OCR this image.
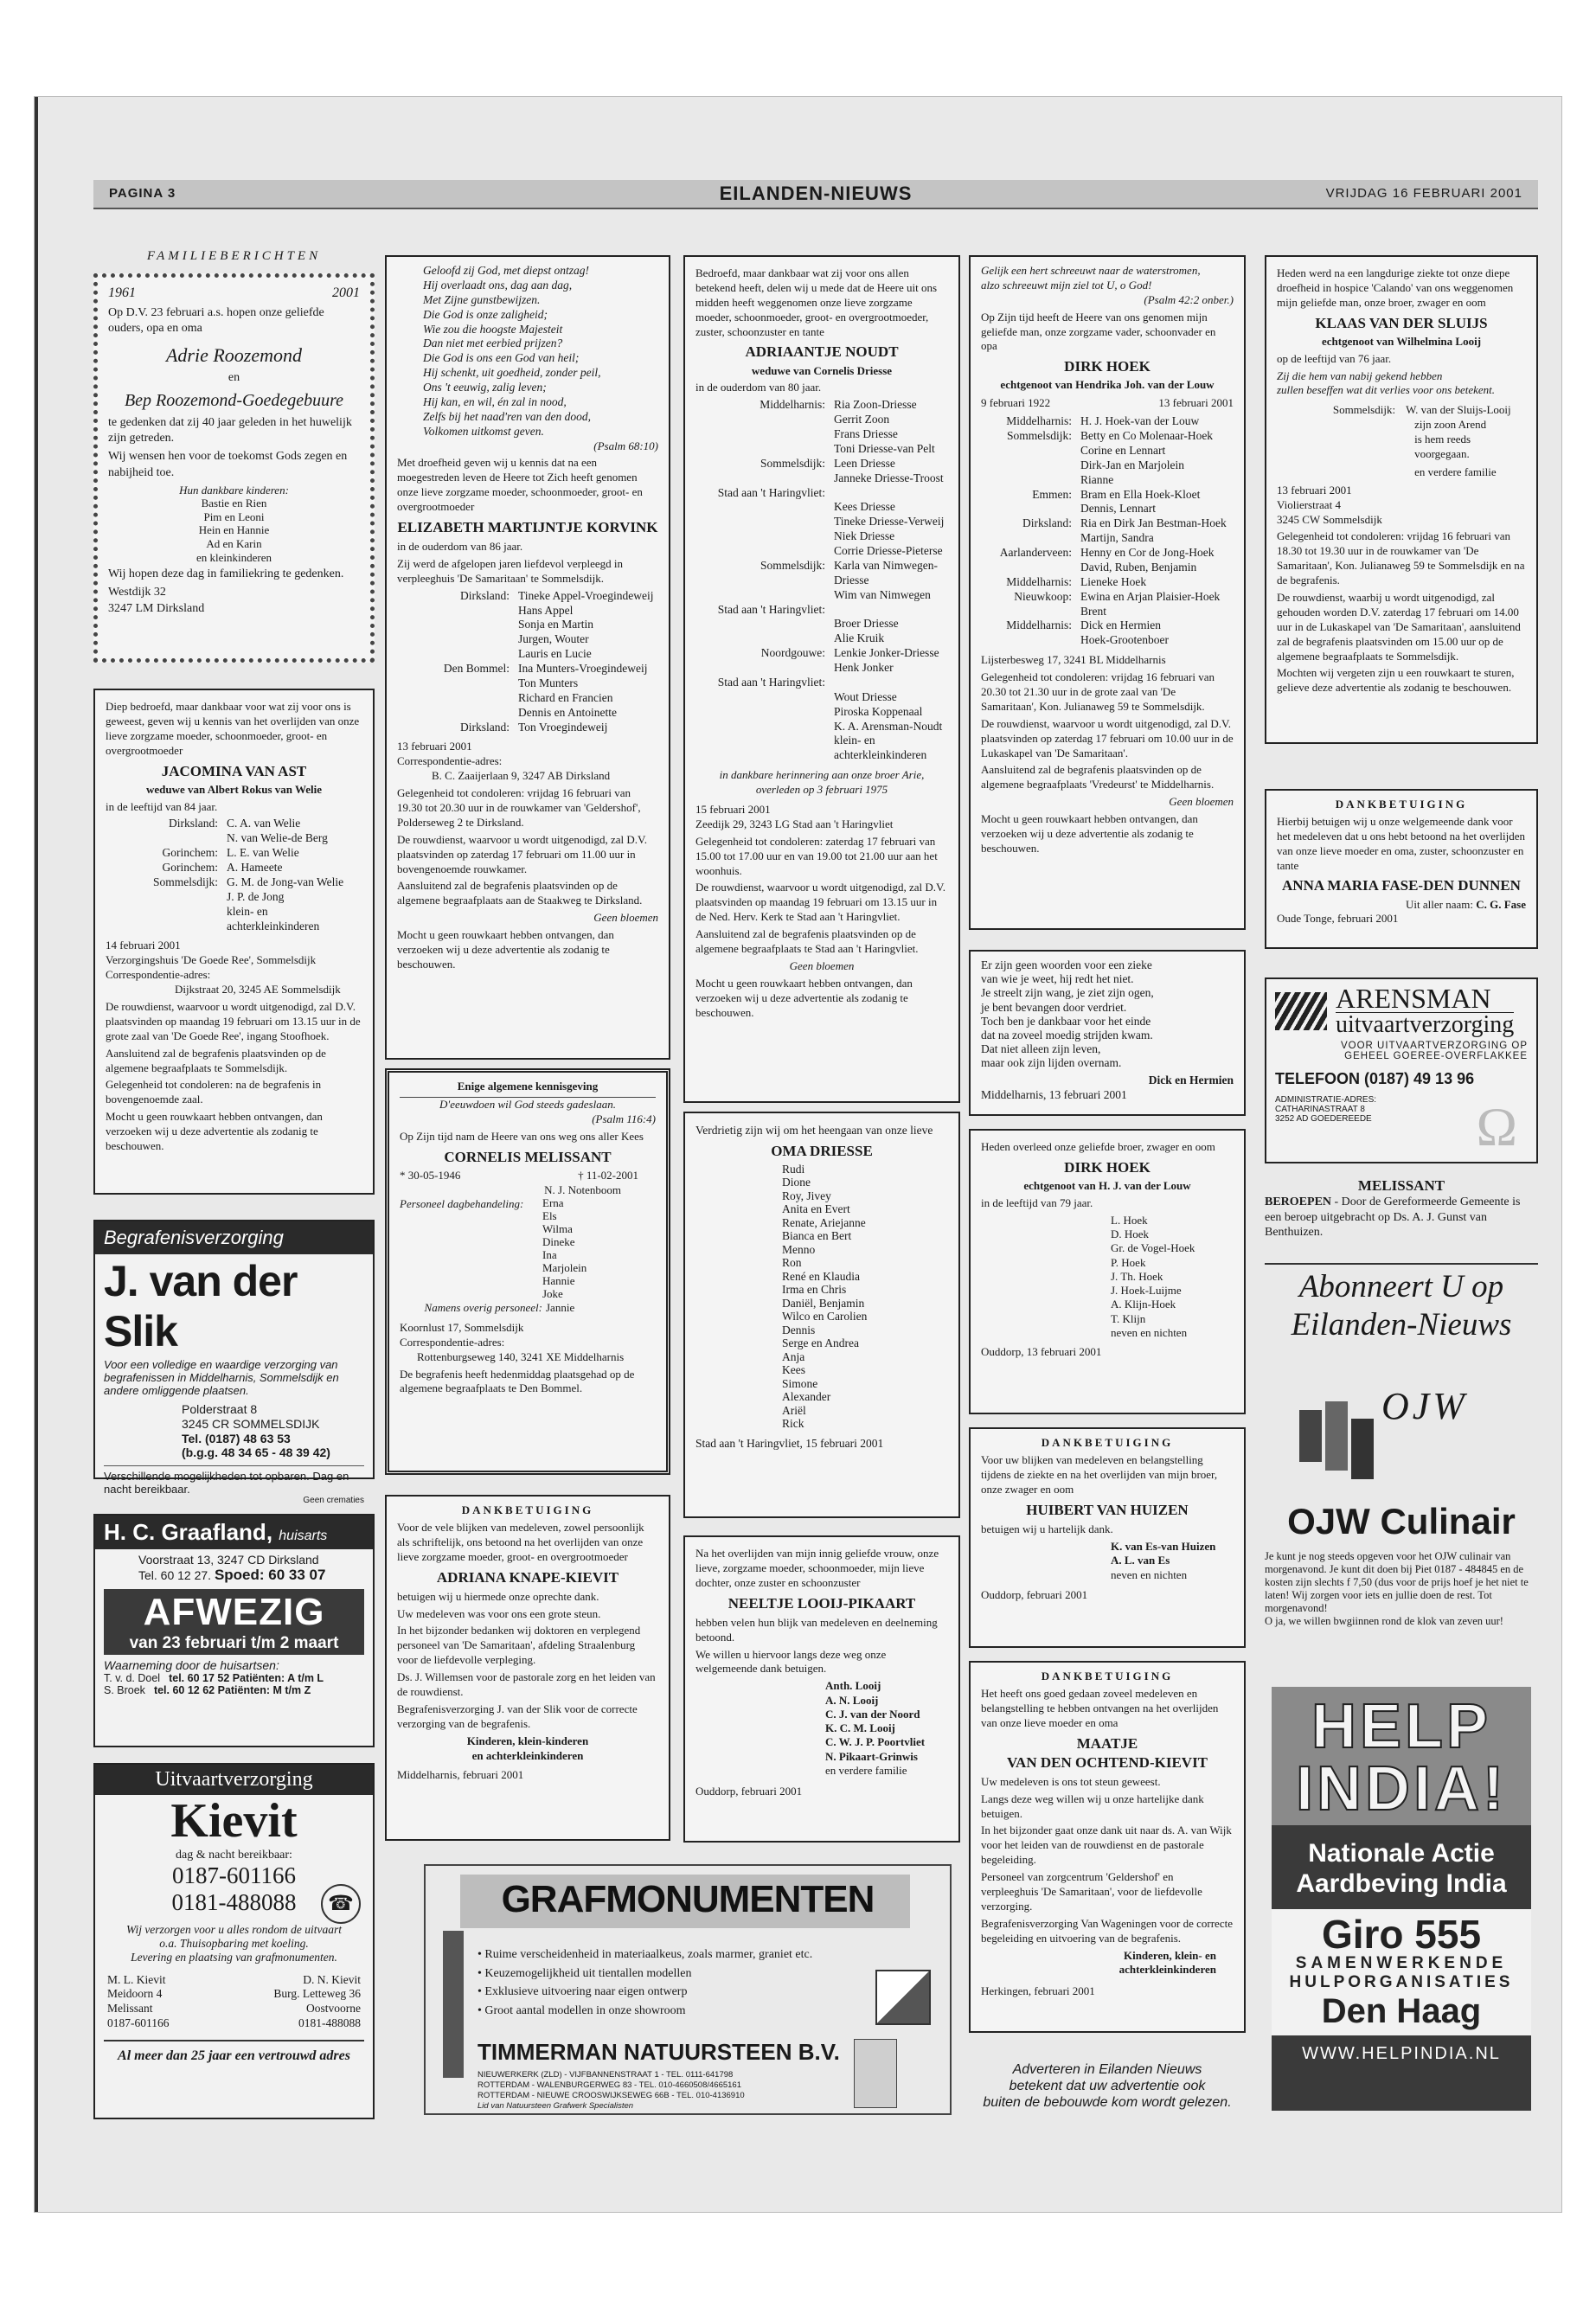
PAGINA 3	EILANDEN-NIEUWS	VRIJDAG 16 FEBRUARI 2001
FAMILIEBERICHTEN
1961	2001

Op D.V. 23 februari a.s. hopen onze geliefde ouders, opa en oma

Adrie Roozemond
en
Bep Roozemond-Goedegebuure

te gedenken dat zij 40 jaar geleden in het huwelijk zijn getreden.

Wij wensen hen voor de toekomst Gods zegen en nabijheid toe.

Hun dankbare kinderen:
Bastie en Rien
Pim en Leoni
Hein en Hannie
Ad en Karin
en kleinkinderen

Wij hopen deze dag in familiekring te gedenken.

Westdijk 32
3247 LM Dirksland

Diep bedroefd, maar dankbaar voor wat zij voor ons is geweest, geven wij u kennis van het overlijden van onze lieve zorgzame moeder, schoonmoeder, groot- en overgrootmoeder

JACOMINA VAN AST
weduwe van Albert Rokus van Welie

in de leeftijd van 84 jaar.

Dirksland: C. A. van Welie
N. van Welie-de Berg
Gorinchem: L. E. van Welie
Gorinchem: A. Hameete
Sommelsdijk: G. M. de Jong-van Welie
J. P. de Jong
klein- en achterkleinkinderen
14 februari 2001
Verzorgingshuis 'De Goede Ree', Sommelsdijk
Correspondentie-adres:
Dijkstraat 20, 3245 AE Sommelsdijk

De rouwdienst, waarvoor u wordt uitgenodigd, zal D.V. plaatsvinden op maandag 19 februari om 13.15 uur in de grote zaal van 'De Goede Ree', ingang Stoofhoek.

Aansluitend zal de begrafenis plaatsvinden op de algemene begraafplaats te Sommelsdijk.

Gelegenheid tot condoleren: na de begrafenis in bovengenoemde zaal.

Mocht u geen rouwkaart hebben ontvangen, dan verzoeken wij u deze advertentie als zodanig te beschouwen.

Begrafenisverzorging
J. van der Slik
Voor een volledige en waardige verzorging van begrafenissen in Middelharnis, Sommelsdijk en andere omliggende plaatsen.
Polderstraat 8
3245 CR SOMMELSDIJK
Tel. (0187) 48 63 53
(b.g.g. 48 34 65 - 48 39 42)
Verschillende mogelijkheden tot opbaren. Dag en nacht bereikbaar.
Geen crematies
H. C. Graafland, huisarts
Voorstraat 13, 3247 CD Dirksland
Tel. 60 12 27. Spoed: 60 33 07
AFWEZIG
van 23 februari t/m 2 maart
Waarneming door de huisartsen:
T. v. d. Doel tel. 60 17 52 Patiënten: A t/m L
S. Broek tel. 60 12 62 Patiënten: M t/m Z
Uitvaartverzorging
Kievit
dag & nacht bereikbaar:
0187-601166
0181-488088	☎
Wij verzorgen voor u alles rondom de uitvaart
o.a. Thuisopbaring met koeling.
Levering en plaatsing van grafmonumenten.
M. L. Kievit
Meidoorn 4
Melissant
0187-601166
D. N. Kievit
Burg. Letteweg 36
Oostvoorne
0181-488088
Al meer dan 25 jaar een vertrouwd adres
Geloofd zij God, met diepst ontzag!
Hij overlaadt ons, dag aan dag,
Met Zijne gunstbewijzen.
Die God is onze zaligheid;
Wie zou die hoogste Majesteit
Dan niet met eerbied prijzen?
Die God is ons een God van heil;
Hij schenkt, uit goedheid, zonder peil,
Ons 't eeuwig, zalig leven;
Hij kan, en wil, én zal in nood,
Zelfs bij het naad'ren van den dood,
Volkomen uitkomst geven.
(Psalm 68:10)

Met droefheid geven wij u kennis dat na een moegestreden leven de Heere tot Zich heeft genomen onze lieve zorgzame moeder, schoonmoeder, groot- en overgrootmoeder

ELIZABETH MARTIJNTJE KORVINK

in de ouderdom van 86 jaar.

Zij werd de afgelopen jaren liefdevol verpleegd in verpleeghuis 'De Samaritaan' te Sommelsdijk.

Dirksland: Tineke Appel-Vroegindeweij
Hans Appel
Sonja en Martin
Jurgen, Wouter
Lauris en Lucie
Den Bommel: Ina Munters-Vroegindeweij
Ton Munters
Richard en Francien
Dennis en Antoinette
Dirksland: Ton Vroegindeweij
13 februari 2001
Correspondentie-adres:
B. C. Zaaijerlaan 9, 3247 AB Dirksland

Gelegenheid tot condoleren: vrijdag 16 februari van 19.30 tot 20.30 uur in de rouwkamer van 'Geldershof', Polderseweg 2 te Dirksland.

De rouwdienst, waarvoor u wordt uitgenodigd, zal D.V. plaatsvinden op zaterdag 17 februari om 11.00 uur in bovengenoemde rouwkamer.

Aansluitend zal de begrafenis plaatsvinden op de algemene begraafplaats aan de Staakweg te Dirksland.

Geen bloemen

Mocht u geen rouwkaart hebben ontvangen, dan verzoeken wij u deze advertentie als zodanig te beschouwen.

Enige algemene kennisgeving
D'eeuwdoen wil God steeds gadeslaan.
(Psalm 116:4)

Op Zijn tijd nam de Heere van ons weg ons aller Kees

CORNELIS MELISSANT
* 30-05-1946	† 11-02-2001
N. J. Notenboom
Personeel dagbehandeling:	Erna
Els
Wilma
Dineke
Ina
Marjolein
Hannie
Joke
Namens overig personeel: Jannie
Koornlust 17, Sommelsdijk
Correspondentie-adres:
Rottenburgseweg 140, 3241 XE Middelharnis

De begrafenis heeft hedenmiddag plaatsgehad op de algemene begraafplaats te Den Bommel.

DANKBETUIGING

Voor de vele blijken van medeleven, zowel persoonlijk als schriftelijk, ons betoond na het overlijden van onze lieve zorgzame moeder, groot- en overgrootmoeder

ADRIANA KNAPE-KIEVIT

betuigen wij u hiermede onze oprechte dank.

Uw medeleven was voor ons een grote steun.

In het bijzonder bedanken wij doktoren en verplegend personeel van 'De Samaritaan', afdeling Straalenburg voor de liefdevolle verpleging.

Ds. J. Willemsen voor de pastorale zorg en het leiden van de rouwdienst.

Begrafenisverzorging J. van der Slik voor de correcte verzorging van de begrafenis.

Kinderen, klein-kinderen
en achterkleinkinderen
Middelharnis, februari 2001

Bedroefd, maar dankbaar wat zij voor ons allen betekend heeft, delen wij u mede dat de Heere uit ons midden heeft weggenomen onze lieve zorgzame moeder, schoonmoeder, groot- en overgrootmoeder, zuster, schoonzuster en tante

ADRIAANTJE NOUDT
weduwe van Cornelis Driesse

in de ouderdom van 80 jaar.

Middelharnis: Ria Zoon-Driesse
Gerrit Zoon
Frans Driesse
Toni Driesse-van Pelt
Sommelsdijk: Leen Driesse
Janneke Driesse-Troost
Stad aan 't Haringvliet:
Kees Driesse
Tineke Driesse-Verweij
Niek Driesse
Corrie Driesse-Pieterse
Sommelsdijk: Karla van Nimwegen-Driesse
Wim van Nimwegen
Stad aan 't Haringvliet:
Broer Driesse
Alie Kruik
Noordgouwe: Lenkie Jonker-Driesse
Henk Jonker
Stad aan 't Haringvliet:
Wout Driesse
Piroska Koppenaal
K. A. Arensman-Noudt
klein- en achterkleinkinderen
in dankbare herinnering aan onze broer Arie,
overleden op 3 februari 1975
15 februari 2001
Zeedijk 29, 3243 LG Stad aan 't Haringvliet

Gelegenheid tot condoleren: zaterdag 17 februari van 15.00 tot 17.00 uur en van 19.00 tot 21.00 uur aan het woonhuis.

De rouwdienst, waarvoor u wordt uitgenodigd, zal D.V. plaatsvinden op maandag 19 februari om 13.15 uur in de Ned. Herv. Kerk te Stad aan 't Haringvliet.

Aansluitend zal de begrafenis plaatsvinden op de algemene begraafplaats te Stad aan 't Haringvliet.

Geen bloemen

Mocht u geen rouwkaart hebben ontvangen, dan verzoeken wij u deze advertentie als zodanig te beschouwen.

Verdrietig zijn wij om het heengaan van onze lieve

OMA DRIESSE
Rudi
Dione
Roy, Jivey
Anita en Evert
Renate, Ariejanne
Bianca en Bert
Menno
Ron
René en Klaudia
Irma en Chris
Daniël, Benjamin
Wilco en Carolien
Dennis
Serge en Andrea
Anja
Kees
Simone
Alexander
Ariël
Rick
Stad aan 't Haringvliet, 15 februari 2001

Na het overlijden van mijn innig geliefde vrouw, onze lieve, zorgzame moeder, schoonmoeder, mijn lieve dochter, onze zuster en schoonzuster

NEELTJE LOOIJ-PIKAART

hebben velen hun blijk van medeleven en deelneming betoond.

We willen u hiervoor langs deze weg onze welgemeende dank betuigen.

Anth. Looij
A. N. Looij
C. J. van der Noord
K. C. M. Looij
C. W. J. P. Poortvliet
N. Pikaart-Grinwis
en verdere familie
Ouddorp, februari 2001
Gelijk een hert schreeuwt naar de waterstromen,
alzo schreeuwt mijn ziel tot U, o God!
(Psalm 42:2 onber.)

Op Zijn tijd heeft de Heere van ons genomen mijn geliefde man, onze zorgzame vader, schoonvader en opa

DIRK HOEK
echtgenoot van Hendrika Joh. van der Louw
9 februari 1922	13 februari 2001
Middelharnis: H. J. Hoek-van der Louw
Sommelsdijk: Betty en Co Molenaar-Hoek
Corine en Lennart
Dirk-Jan en Marjolein
Rianne
Emmen: Bram en Ella Hoek-Kloet
Dennis, Lennart
Dirksland: Ria en Dirk Jan Bestman-Hoek
Martijn, Sandra
Aarlanderveen: Henny en Cor de Jong-Hoek
David, Ruben, Benjamin
Middelharnis: Lieneke Hoek
Nieuwkoop: Ewina en Arjan Plaisier-Hoek
Brent
Middelharnis: Dick en Hermien
Hoek-Grootenboer
Lijsterbesweg 17, 3241 BL Middelharnis

Gelegenheid tot condoleren: vrijdag 16 februari van 20.30 tot 21.30 uur in de grote zaal van 'De Samaritaan', Kon. Julianaweg 59 te Sommelsdijk.

De rouwdienst, waarvoor u wordt uitgenodigd, zal D.V. plaatsvinden op zaterdag 17 februari om 10.00 uur in de Lukaskapel van 'De Samaritaan'.

Aansluitend zal de begrafenis plaatsvinden op de algemene begraafplaats 'Vredeurst' te Middelharnis.

Geen bloemen

Mocht u geen rouwkaart hebben ontvangen, dan verzoeken wij u deze advertentie als zodanig te beschouwen.

Er zijn geen woorden voor een zieke
van wie je weet, hij redt het niet.
Je streelt zijn wang, je ziet zijn ogen,
je bent bevangen door verdriet.
Toch ben je dankbaar voor het einde
dat na zoveel moedig strijden kwam.
Dat niet alleen zijn leven,
maar ook zijn lijden overnam.
Dick en Hermien
Middelharnis, 13 februari 2001

Heden overleed onze geliefde broer, zwager en oom

DIRK HOEK
echtgenoot van H. J. van der Louw

in de leeftijd van 79 jaar.

L. Hoek
D. Hoek
Gr. de Vogel-Hoek
P. Hoek
J. Th. Hoek
J. Hoek-Luijme
A. Klijn-Hoek
T. Klijn
neven en nichten
Ouddorp, 13 februari 2001
DANKBETUIGING

Voor uw blijken van medeleven en belangstelling tijdens de ziekte en na het overlijden van mijn broer, onze zwager en oom

HUIBERT VAN HUIZEN

betuigen wij u hartelijk dank.

K. van Es-van Huizen
A. L. van Es
neven en nichten
Ouddorp, februari 2001
DANKBETUIGING

Het heeft ons goed gedaan zoveel medeleven en belangstelling te hebben ontvangen na het overlijden van onze lieve moeder en oma

MAATJE
VAN DEN OCHTEND-KIEVIT

Uw medeleven is ons tot steun geweest.

Langs deze weg willen wij u onze hartelijke dank betuigen.

In het bijzonder gaat onze dank uit naar ds. A. van Wijk voor het leiden van de rouwdienst en de pastorale begeleiding.

Personeel van zorgcentrum 'Geldershof' en verpleeghuis 'De Samaritaan', voor de liefdevolle verzorging.

Begrafenisverzorging Van Wageningen voor de correcte begeleiding en uitvoering van de begrafenis.

Kinderen, klein- en
achterkleinkinderen
Herkingen, februari 2001
Adverteren in Eilanden Nieuws
betekent dat uw advertentie ook
buiten de bebouwde kom wordt gelezen.

Heden werd na een langdurige ziekte tot onze diepe droefheid in hospice 'Calando' van ons weggenomen mijn geliefde man, onze broer, zwager en oom

KLAAS VAN DER SLUIJS
echtgenoot van Wilhelmina Looij

op de leeftijd van 76 jaar.

Zij die hem van nabij gekend hebben
zullen beseffen wat dit verlies voor ons betekent.
Sommelsdijk: W. van der Sluijs-Looij
zijn zoon Arend
is hem reeds voorgegaan.
en verdere familie
13 februari 2001
Violierstraat 4
3245 CW Sommelsdijk

Gelegenheid tot condoleren: vrijdag 16 februari van 18.30 tot 19.30 uur in de rouwkamer van 'De Samaritaan', Kon. Julianaweg 59 te Sommelsdijk en na de begrafenis.

De rouwdienst, waarbij u wordt uitgenodigd, zal gehouden worden D.V. zaterdag 17 februari om 14.00 uur in de Lukaskapel van 'De Samaritaan', aansluitend zal de begrafenis plaatsvinden om 15.00 uur op de algemene begraafplaats te Sommelsdijk.

Mochten wij vergeten zijn u een rouwkaart te sturen, gelieve deze advertentie als zodanig te beschouwen.

DANKBETUIGING

Hierbij betuigen wij u onze welgemeende dank voor het medeleven dat u ons hebt betoond na het overlijden van onze lieve moeder en oma, zuster, schoonzuster en tante

ANNA MARIA FASE-DEN DUNNEN
Uit aller naam: C. G. Fase
Oude Tonge, februari 2001
ARENSMAN
uitvaartverzorging
VOOR UITVAARTVERZORGING OP
GEHEEL GOEREE-OVERFLAKKEE
TELEFOON (0187) 49 13 96
ADMINISTRATIE-ADRES:
CATHARINASTRAAT 8
3252 AD GOEDEREEDE	Ω
MELISSANT
BEROEPEN - Door de Gereformeerde Gemeente is een beroep uitgebracht op Ds. A. J. Gunst van Benthuizen.
Abonneert U op
Eilanden-Nieuws
OJW
OJW Culinair
Je kunt je nog steeds opgeven voor het OJW culinair van morgenavond. Je kunt dit doen bij Piet 0187 - 484845 en de kosten zijn slechts f 7,50 (dus voor de prijs hoef je het niet te laten! Wij zorgen voor iets en jullie doen de rest. Tot morgenavond!
O ja, we willen bwgiinnen rond de klok van zeven uur!
HELP
INDIA!
Nationale Actie
Aardbeving India
Giro 555
SAMENWERKENDE
HULPORGANISATIES
Den Haag
WWW.HELPINDIA.NL
GRAFMONUMENTEN
• Ruime verscheidenheid in materiaalkeus, zoals marmer, graniet etc.
• Keuzemogelijkheid uit tientallen modellen
• Exklusieve uitvoering naar eigen ontwerp
• Groot aantal modellen in onze showroom
TIMMERMAN NATUURSTEEN B.V.
NIEUWERKERK (ZLD) - VIJFBANNENSTRAAT 1 - TEL. 0111-641798
ROTTERDAM - WALENBURGERWEG 83 - TEL. 010-4660508/4665161
ROTTERDAM - NIEUWE CROOSWIJKSEWEG 66B - TEL. 010-4136910
Lid van Natuursteen Grafwerk Specialisten
